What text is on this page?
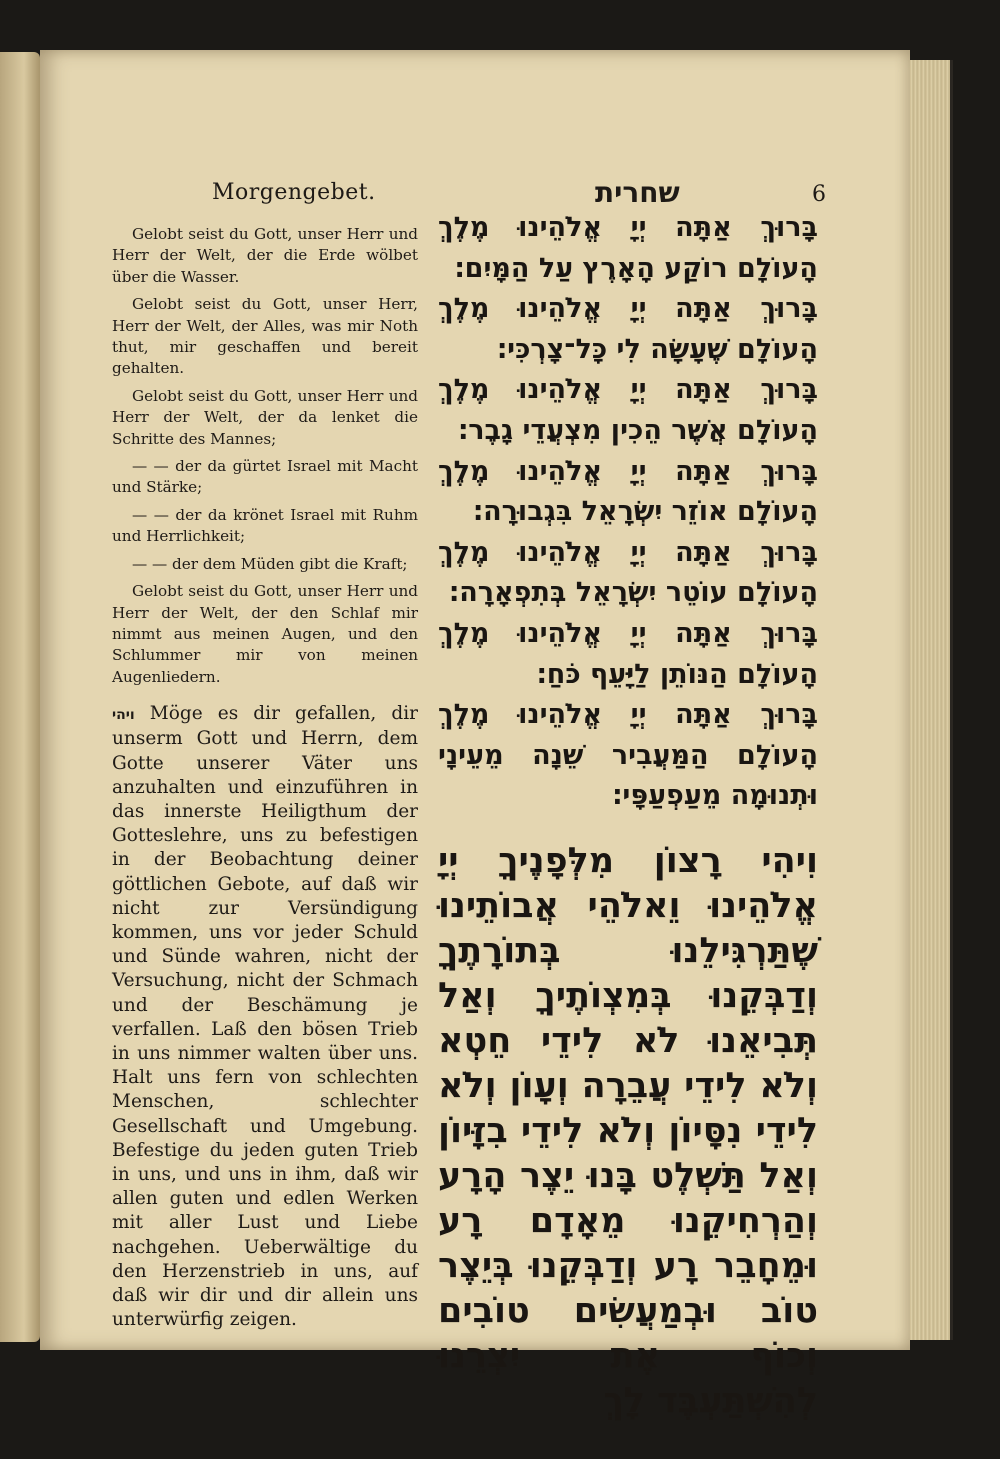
Morgengebet.	שחרית	6

Gelobt seist du Gott, unser Herr und Herr der Welt, der die Erde wölbet über die Wasser.

Gelobt seist du Gott, unser Herr, Herr der Welt, der Alles, was mir Noth thut, mir geschaffen und bereit gehalten.

Gelobt seist du Gott, unser Herr und Herr der Welt, der da lenket die Schritte des Mannes;

— — der da gürtet Israel mit Macht und Stärke;

— — der da krönet Israel mit Ruhm und Herrlichkeit;

— — der dem Müden gibt die Kraft;

Gelobt seist du Gott, unser Herr und Herr der Welt, der den Schlaf mir nimmt aus meinen Augen, und den Schlummer mir von meinen Augenliedern.

ויהי Möge es dir gefallen, dir unserm Gott und Herrn, dem Gotte unserer Väter uns anzuhalten und einzuführen in das innerste Heiligthum der Gotteslehre, uns zu befestigen in der Beobachtung deiner göttlichen Gebote, auf daß wir nicht zur Versündigung kommen, uns vor jeder Schuld und Sünde wahren, nicht der Versuchung, nicht der Schmach und der Beschämung je verfallen. Laß den bösen Trieb in uns nimmer walten über uns. Halt uns fern von schlechten Menschen, schlechter Gesellschaft und Umgebung. Befestige du jeden guten Trieb in uns, und uns in ihm, daß wir allen guten und edlen Werken mit aller Lust und Liebe nachgehen. Ueberwältige du den Herzenstrieb in uns, auf daß wir dir und dir allein uns unterwürfig zeigen.

בָּרוּךְ אַתָּה יְיָ אֱלֹהֵינוּ מֶלֶךְ הָעוֹלָם רוֹקַע הָאָרֶץ עַל הַמָּיִם׃

בָּרוּךְ אַתָּה יְיָ אֱלֹהֵינוּ מֶלֶךְ הָעוֹלָם שֶׁעָשָׂה לִי כָּל־צָרְכִּי׃

בָּרוּךְ אַתָּה יְיָ אֱלֹהֵינוּ מֶלֶךְ הָעוֹלָם אֲשֶׁר הֵכִין מִצְעֲדֵי גָבֶר׃

בָּרוּךְ אַתָּה יְיָ אֱלֹהֵינוּ מֶלֶךְ הָעוֹלָם אוֹזֵר יִשְׂרָאֵל בִּגְבוּרָה׃

בָּרוּךְ אַתָּה יְיָ אֱלֹהֵינוּ מֶלֶךְ הָעוֹלָם עוֹטֵר יִשְׂרָאֵל בְּתִפְאָרָה׃

בָּרוּךְ אַתָּה יְיָ אֱלֹהֵינוּ מֶלֶךְ הָעוֹלָם הַנּוֹתֵן לַיָּעֵף כֹּחַ׃

בָּרוּךְ אַתָּה יְיָ אֱלֹהֵינוּ מֶלֶךְ הָעוֹלָם הַמַּעֲבִיר שֵׁנָה מֵעֵינָי וּתְנוּמָה מֵעַפְעַפָּי׃

וִיהִי רָצוֹן מִלְּפָנֶיךָ יְיָ אֱלֹהֵינוּ וֵאלֹהֵי אֲבוֹתֵינוּ שֶׁתַּרְגִּילֵנוּ בְּתוֹרָתֶךָ וְדַבְּקֵנוּ בְּמִצְוֹתֶיךָ וְאַל תְּבִיאֵנוּ לֹא לִידֵי חֵטְא וְלֹא לִידֵי עֲבֵרָה וְעָוֹן וְלֹא לִידֵי נִסָּיוֹן וְלֹא לִידֵי בִזָּיוֹן וְאַל תַּשְׁלֶט בָּנוּ יֵצֶר הָרָע וְהַרְחִיקֵנוּ מֵאָדָם רָע וּמֵחָבֵר רָע וְדַבְּקֵנוּ בְּיֵצֶר טוֹב וּבְמַעֲשִׂים טוֹבִים וְכוֹף אֶת יִצְרֵנוּ לְהִשְׁתַּעְבֶּד לָךְ
